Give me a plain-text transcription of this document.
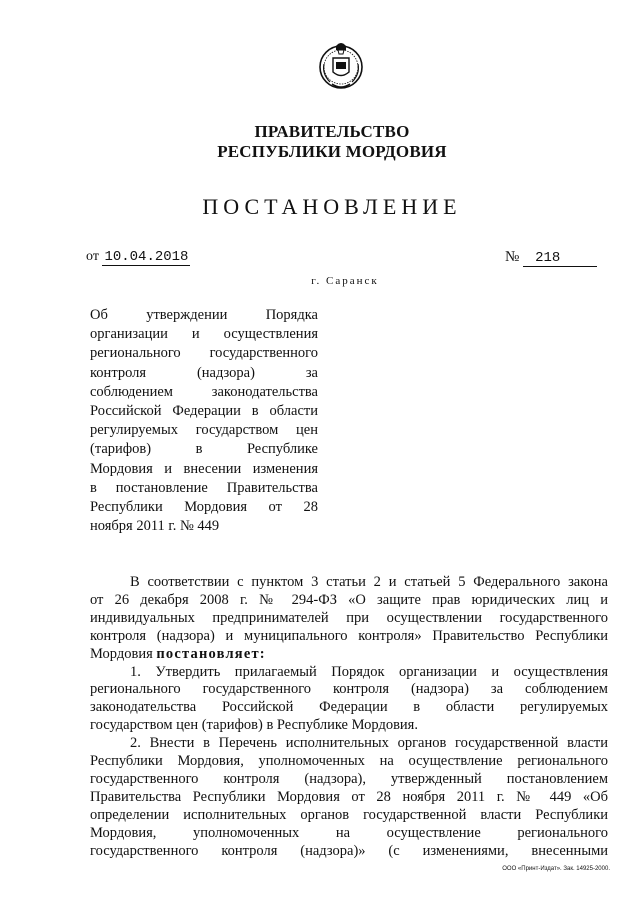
ПРАВИТЕЛЬСТВО
РЕСПУБЛИКИ МОРДОВИЯ
ПОСТАНОВЛЕНИЕ
от 10.04.2018	№ 218
г. Саранск
Об утверждении Порядка
организации и осуществления
регионального государственного
контроля (надзора) за
соблюдением законодательства
Российской Федерации в области
регулируемых государством цен
(тарифов) в Республике
Мордовия и внесении изменения
в постановление Правительства
Республики Мордовия от 28
ноября 2011 г. № 449
В соответствии с пунктом 3 статьи 2 и статьей 5 Федерального закона
от 26 декабря 2008 г. № 294-ФЗ «О защите прав юридических лиц и
индивидуальных предпринимателей при осуществлении государственного
контроля (надзора) и муниципального контроля» Правительство Республики
Мордовия постановляет:
1. Утвердить прилагаемый Порядок организации и осуществления
регионального государственного контроля (надзора) за соблюдением
законодательства Российской Федерации в области регулируемых
государством цен (тарифов) в Республике Мордовия.
2. Внести в Перечень исполнительных органов государственной власти
Республики Мордовия, уполномоченных на осуществление регионального
государственного контроля (надзора), утвержденный постановлением
Правительства Республики Мордовия от 28 ноября 2011 г. № 449 «Об
определении исполнительных органов государственной власти Республики
Мордовия, уполномоченных на осуществление регионального
государственного контроля (надзора)» (с изменениями, внесенными
ООО «Принт-Издат». Зак. 14925-2000.
